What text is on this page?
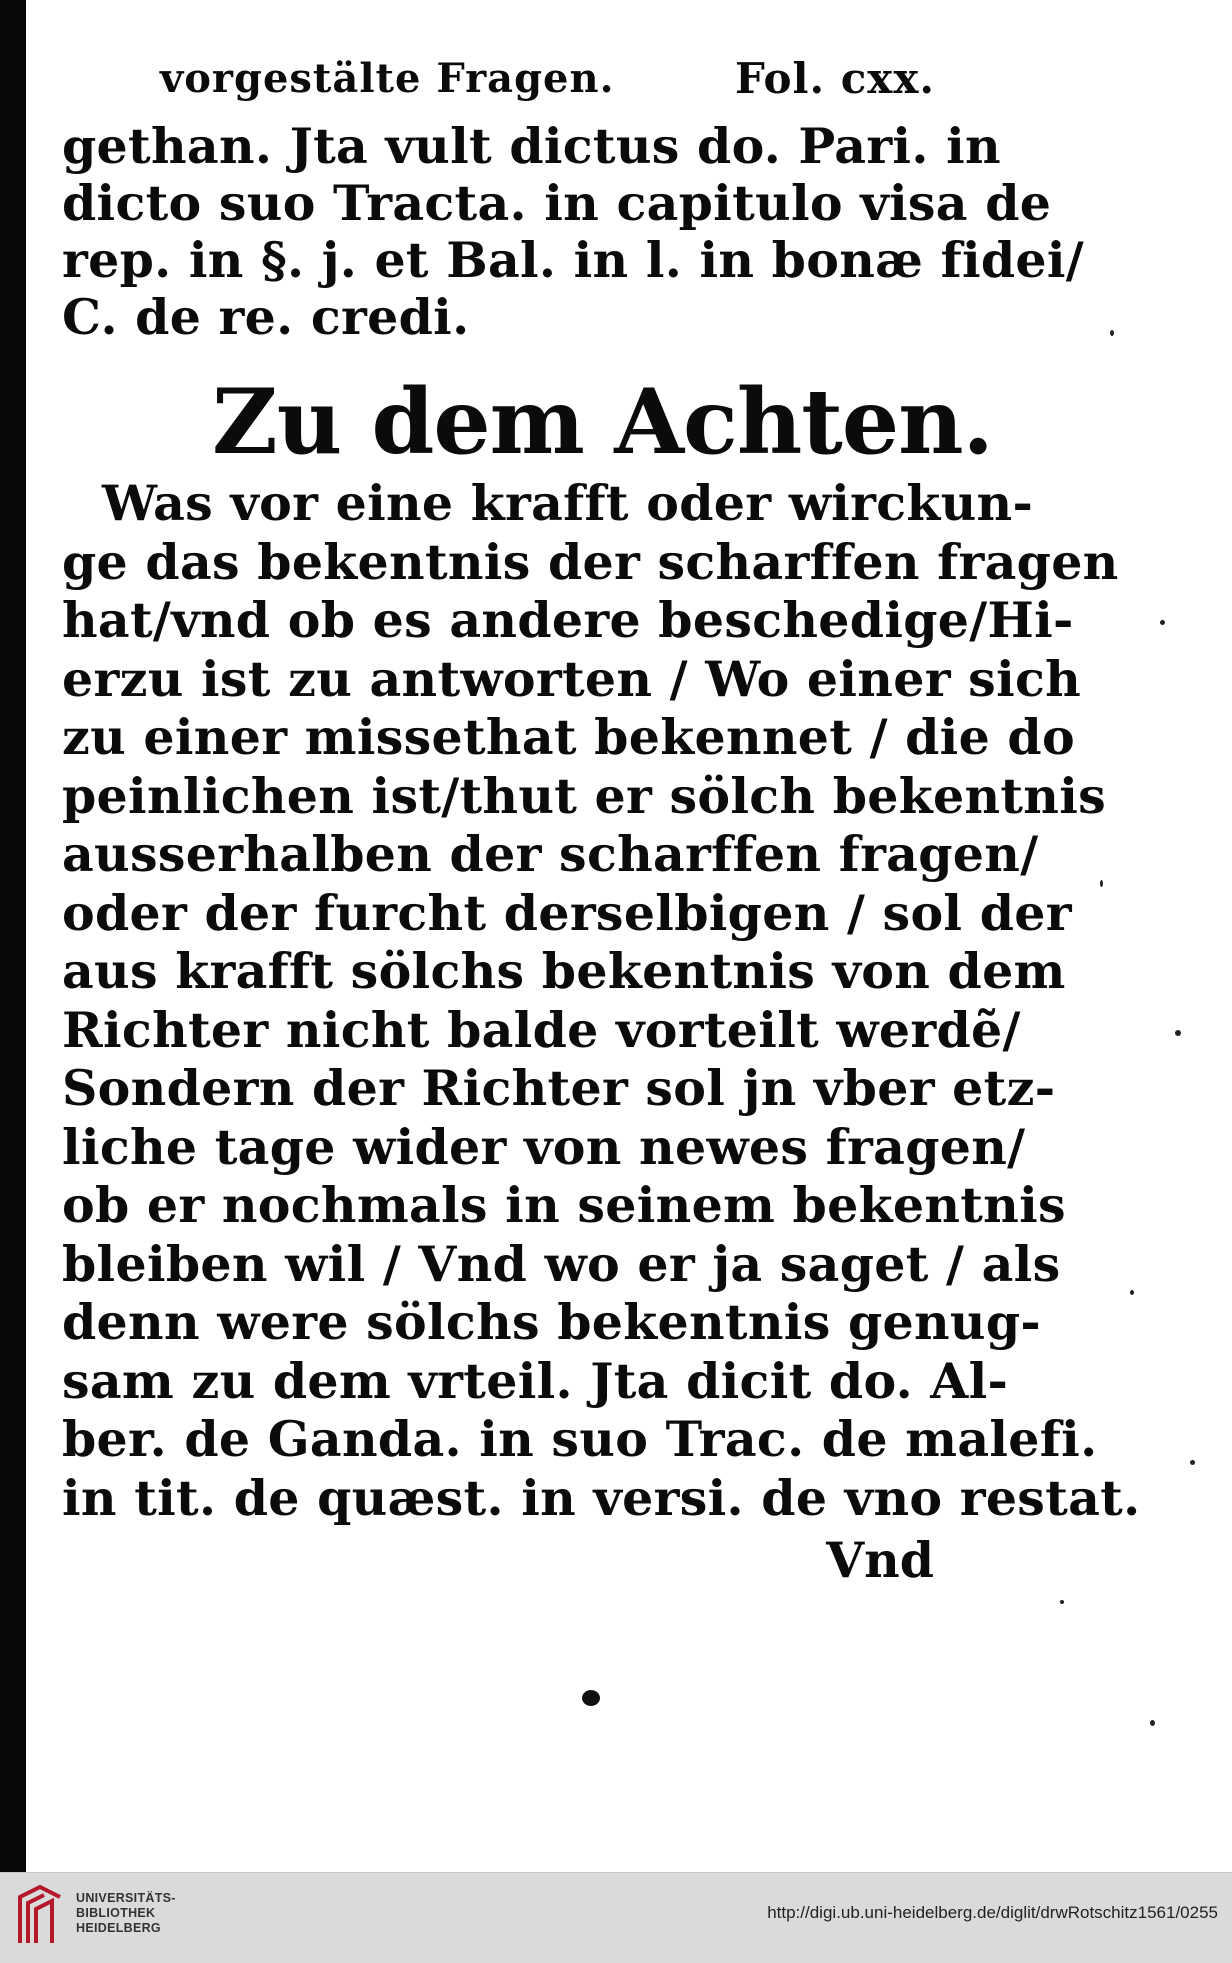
vorgestälte Fragen.	Fol. cxx.
gethan. Jta vult dictus do. Pari. in
dicto suo Tracta. in capitulo visa de
rep. in §. j. et Bal. in l. in bonæ fidei/
C. de re. credi.
Zu dem Achten.
Was vor eine krafft oder wirckun-
ge das bekentnis der scharffen fragen
hat/vnd ob es andere beschedige/Hi-
erzu ist zu antworten / Wo einer sich
zu einer missethat bekennet / die do
peinlichen ist/thut er sölch bekentnis
ausserhalben der scharffen fragen/
oder der furcht derselbigen / sol der
aus krafft sölchs bekentnis von dem
Richter nicht balde vorteilt werdẽ/
Sondern der Richter sol jn vber etz-
liche tage wider von newes fragen/
ob er nochmals in seinem bekentnis
bleiben wil / Vnd wo er ja saget / als
denn were sölchs bekentnis genug-
sam zu dem vrteil. Jta dicit do. Al-
ber. de Ganda. in suo Trac. de malefi.
in tit. de quæst. in versi. de vno restat.
Vnd
UNIVERSITÄTS-
BIBLIOTHEK
HEIDELBERG
http://digi.ub.uni-heidelberg.de/diglit/drwRotschitz1561/0255
